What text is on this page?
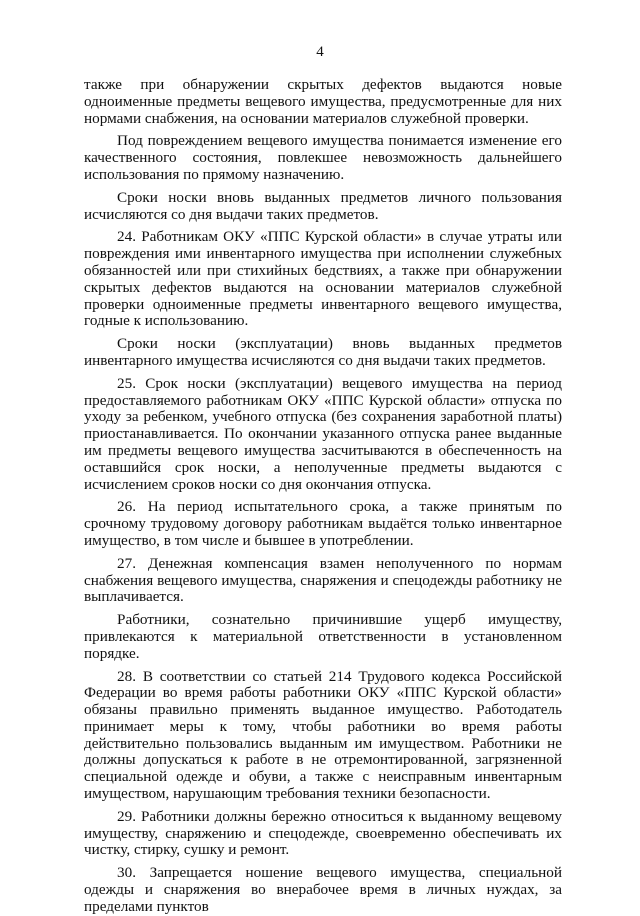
4

также при обнаружении скрытых дефектов выдаются новые одноименные предметы вещевого имущества, предусмотренные для них нормами снабжения, на основании материалов служебной проверки.

Под повреждением вещевого имущества понимается изменение его качественного состояния, повлекшее невозможность дальнейшего использования по прямому назначению.

Сроки носки вновь выданных предметов личного пользования исчисляются со дня выдачи таких предметов.

24. Работникам ОКУ «ППС Курской области» в случае утраты или повреждения ими инвентарного имущества при исполнении служебных обязанностей или при стихийных бедствиях, а также при обнаружении скрытых дефектов выдаются на основании материалов служебной проверки одноименные предметы инвентарного вещевого имущества, годные к использованию.

Сроки носки (эксплуатации) вновь выданных предметов инвентарного имущества исчисляются со дня выдачи таких предметов.

25. Срок носки (эксплуатации) вещевого имущества на период предоставляемого работникам ОКУ «ППС Курской области» отпуска по уходу за ребенком, учебного отпуска (без сохранения заработной платы) приостанавливается. По окончании указанного отпуска ранее выданные им предметы вещевого имущества засчитываются в обеспеченность на оставшийся срок носки, а неполученные предметы выдаются с исчислением сроков носки со дня окончания отпуска.

26. На период испытательного срока, а также принятым по срочному трудовому договору работникам выдаётся только инвентарное имущество, в том числе и бывшее в употреблении.

27. Денежная компенсация взамен неполученного по нормам снабжения вещевого имущества, снаряжения и спецодежды работнику не выплачивается.

Работники, сознательно причинившие ущерб имуществу, привлекаются к материальной ответственности в установленном порядке.

28. В соответствии со статьей 214 Трудового кодекса Российской Федерации во время работы работники ОКУ «ППС Курской области» обязаны правильно применять выданное имущество. Работодатель принимает меры к тому, чтобы работники во время работы действительно пользовались выданным им имуществом. Работники не должны допускаться к работе в не отремонтированной, загрязненной специальной одежде и обуви, а также с неисправным инвентарным имуществом, нарушающим требования техники безопасности.

29. Работники должны бережно относиться к выданному вещевому имуществу, снаряжению и спецодежде, своевременно обеспечивать их чистку, стирку, сушку и ремонт.

30. Запрещается ношение вещевого имущества, специальной одежды и снаряжения во внерабочее время в личных нуждах, за пределами пунктов
